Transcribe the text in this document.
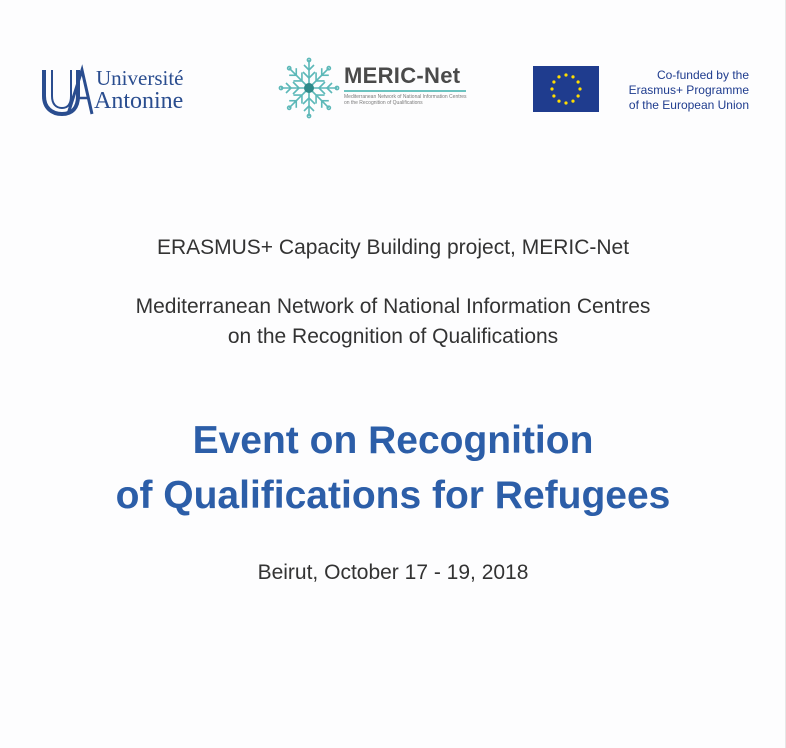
Université
Antonine
MERIC-Net
Mediterranean Network of National Information Centres
on the Recognition of Qualifications
Co-funded by the
Erasmus+ Programme
of the European Union
ERASMUS+ Capacity Building project, MERIC-Net
Mediterranean Network of National Information Centres
on the Recognition of Qualifications
Event on Recognition
of Qualifications for Refugees
Beirut, October 17 - 19, 2018
